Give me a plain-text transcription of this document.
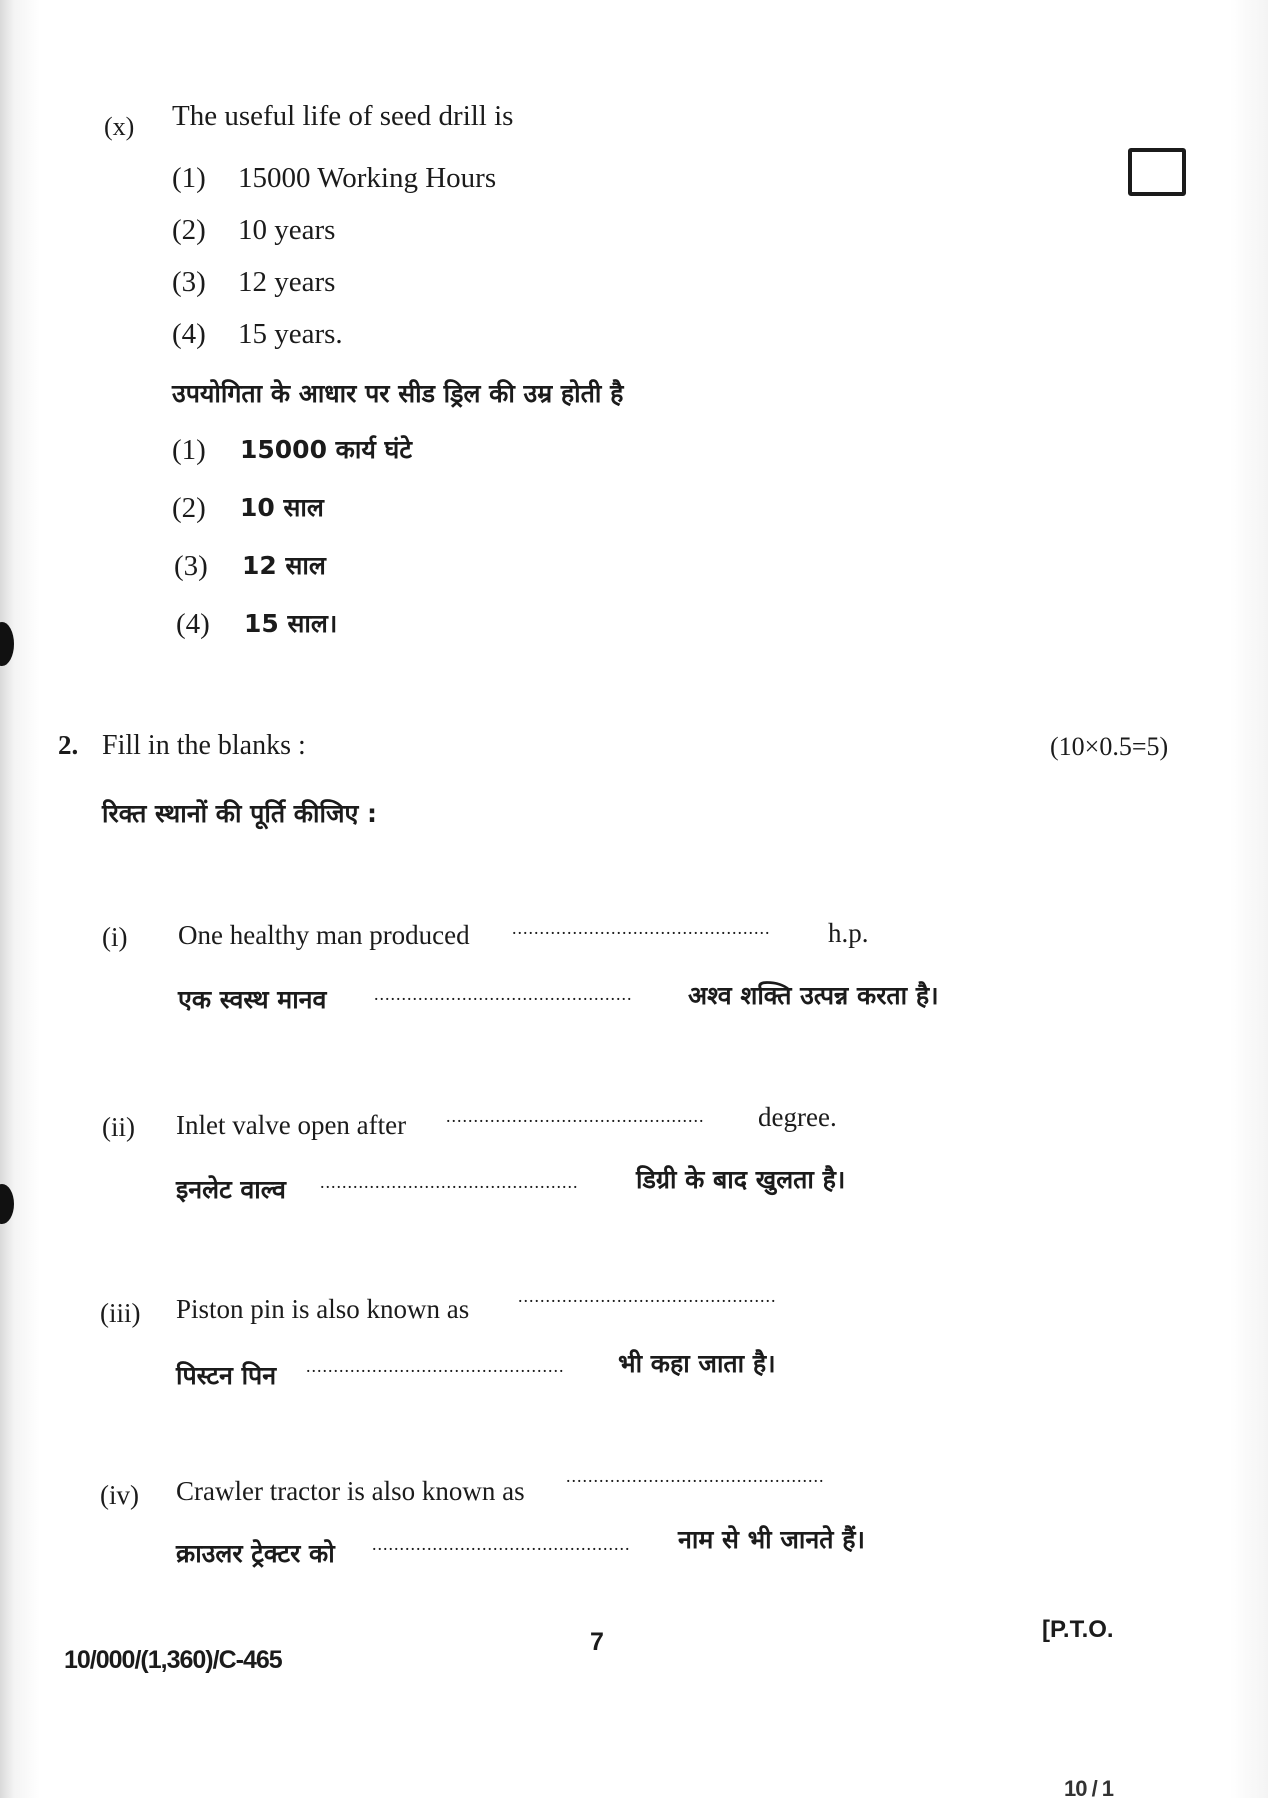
(x) The useful life of seed drill is
(1) 15000 Working Hours
(2) 10 years
(3) 12 years
(4) 15 years.
उपयोगिता के आधार पर सीड ड्रिल की उम्र होती है
(1) 15000 कार्य घंटे
(2) 10 साल
(3) 12 साल
(4) 15 साल।
2. Fill in the blanks :	(10×0.5=5)
रिक्त स्थानों की पूर्ति कीजिए :
(i) One healthy man produced ............................................... h.p.
एक स्वस्थ मानव	............................................... अश्व शक्ति उत्पन्न करता है।
(ii) Inlet valve open after ............................................... degree.
इनलेट वाल्व ............................................... डिग्री के बाद खुलता है।
(iii) Piston pin is also known as	...............................................
पिस्टन पिन ............................................... भी कहा जाता है।
(iv) Crawler tractor is also known as ...............................................
क्राउलर ट्रेक्टर को ............................................... नाम से भी जानते हैं।
10/000/(1,360)/C-465
7	[P.T.O.
10 / 1
